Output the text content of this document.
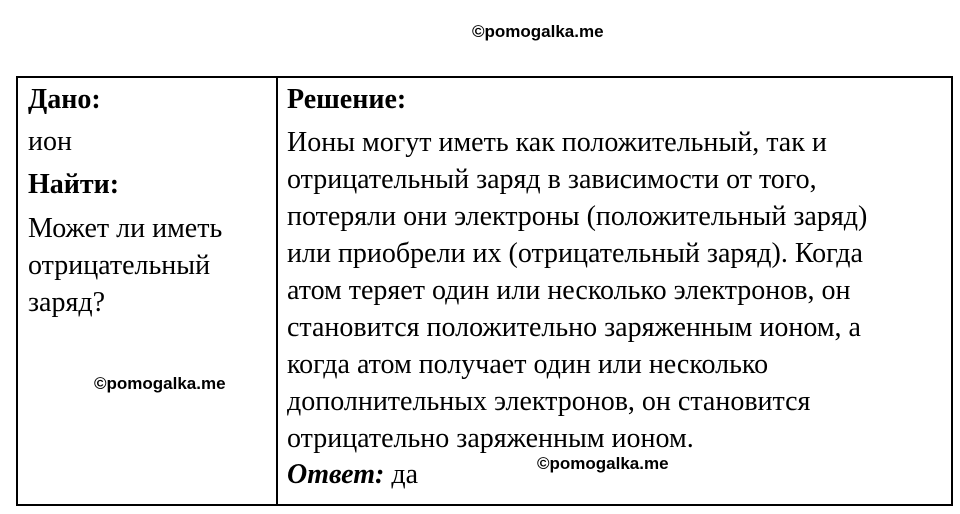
©pomogalka.me

Дано:

ион

Найти:

Может ли иметь

отрицательный

заряд?

Решение:

Ионы могут иметь как положительный, так и

отрицательный заряд в зависимости от того,

потеряли они электроны (положительный заряд)

или приобрели их (отрицательный заряд). Когда

атом теряет один или несколько электронов, он

становится положительно заряженным ионом, а

когда атом получает один или несколько

дополнительных электронов, он становится

отрицательно заряженным ионом.

Ответ: да

©pomogalka.me
©pomogalka.me
